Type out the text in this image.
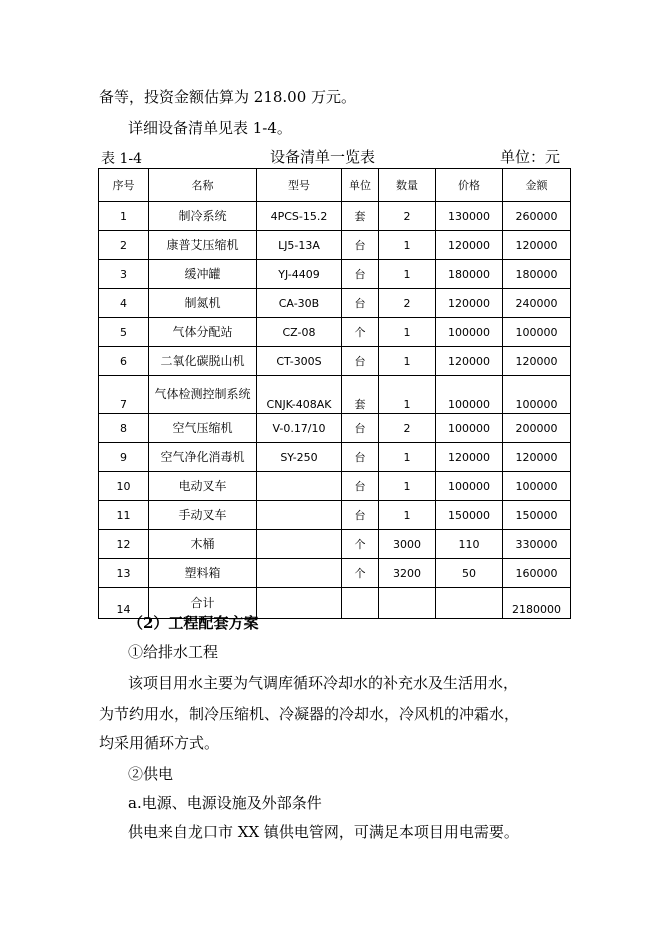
备等，投资金额估算为 218.00 万元。
详细设备清单见表 1-4。
表 1-4	设备清单一览表	单位：元
序号	名称	型号	单位	数量	价格	金额
1	制冷系统	4PCS-15.2	套	2	130000	260000
2	康普艾压缩机	LJ5-13A	台	1	120000	120000
3	缓冲罐	YJ-4409	台	1	180000	180000
4	制氮机	CA-30B	台	2	120000	240000
5	气体分配站	CZ-08	个	1	100000	100000
6	二氧化碳脱山机	CT-300S	台	1	120000	120000
7	气体检测控制系统	CNJK-408AK	套	1	100000	100000
8	空气压缩机	V-0.17/10	台	2	100000	200000
9	空气净化消毒机	SY-250	台	1	120000	120000
10	电动叉车		台	1	100000	100000
11	手动叉车		台	1	150000	150000
12	木桶		个	3000	110	330000
13	塑料箱		个	3200	50	160000
14	合计					2180000
（2）工程配套方案
①给排水工程
该项目用水主要为气调库循环冷却水的补充水及生活用水，
为节约用水，制冷压缩机、冷凝器的冷却水，冷风机的冲霜水，
均采用循环方式。
②供电
a.电源、电源设施及外部条件
供电来自龙口市 XX 镇供电管网，可满足本项目用电需要。
